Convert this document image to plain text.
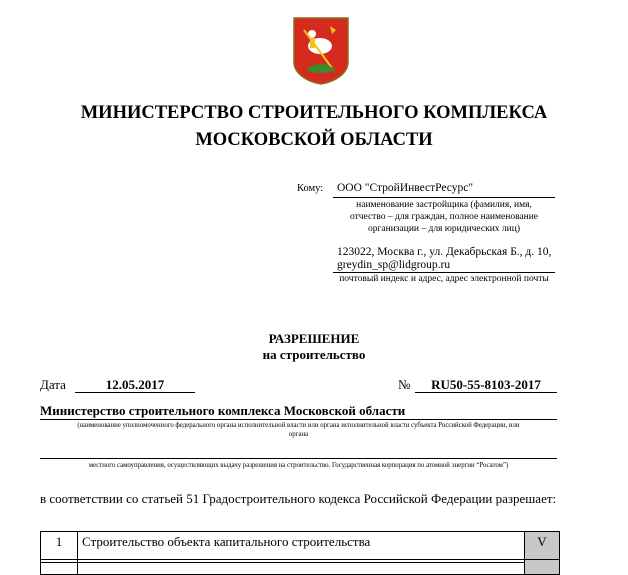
МИНИСТЕРСТВО СТРОИТЕЛЬНОГО КОМПЛЕКСА
МОСКОВСКОЙ ОБЛАСТИ
Кому: ООО "СтройИнвестРесурс"
наименование застройщика (фамилия, имя,
отчество – для граждан, полное наименование
организации – для юридических лиц)
123022, Москва г., ул. Декабрьская Б., д. 10,
greydin_sp@lidgroup.ru
почтовый индекс и адрес, адрес электронной почты
РАЗРЕШЕНИЕ
на строительство
Дата	12.05.2017	№	RU50-55-8103-2017
Министерство строительного комплекса Московской области
(наименование уполномоченного федерального органа исполнительной власти или органа исполнительной власти субъекта Российской Федерации, или
органа
местного самоуправления, осуществляющих выдачу разрешения на строительство. Государственная корпорация по атомной энергии “Росатом”)
в соответствии со статьей 51 Градостроительного кодекса Российской Федерации разрешает:
1	Строительство объекта капитального строительства	V
